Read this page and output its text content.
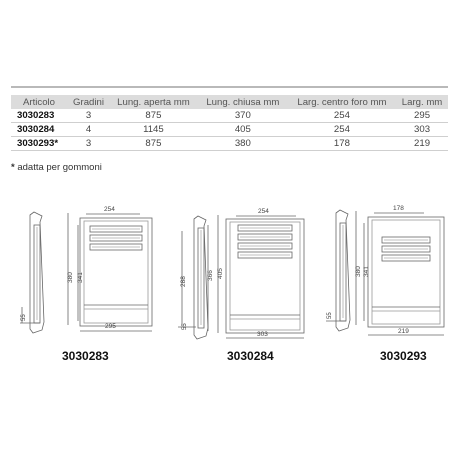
Articolo	Gradini	Lung. aperta mm	Lung. chiusa mm	Larg. centro foro mm	Larg. mm
3030283	3	875	370	254	295
3030284	4	1145	405	254	303
3030293*	3	875	380	178	219
* adatta per gommoni
55
380 341
254
295
288
55
405
366
254
303
55
380 341
178
219
3030283	3030284	3030293
